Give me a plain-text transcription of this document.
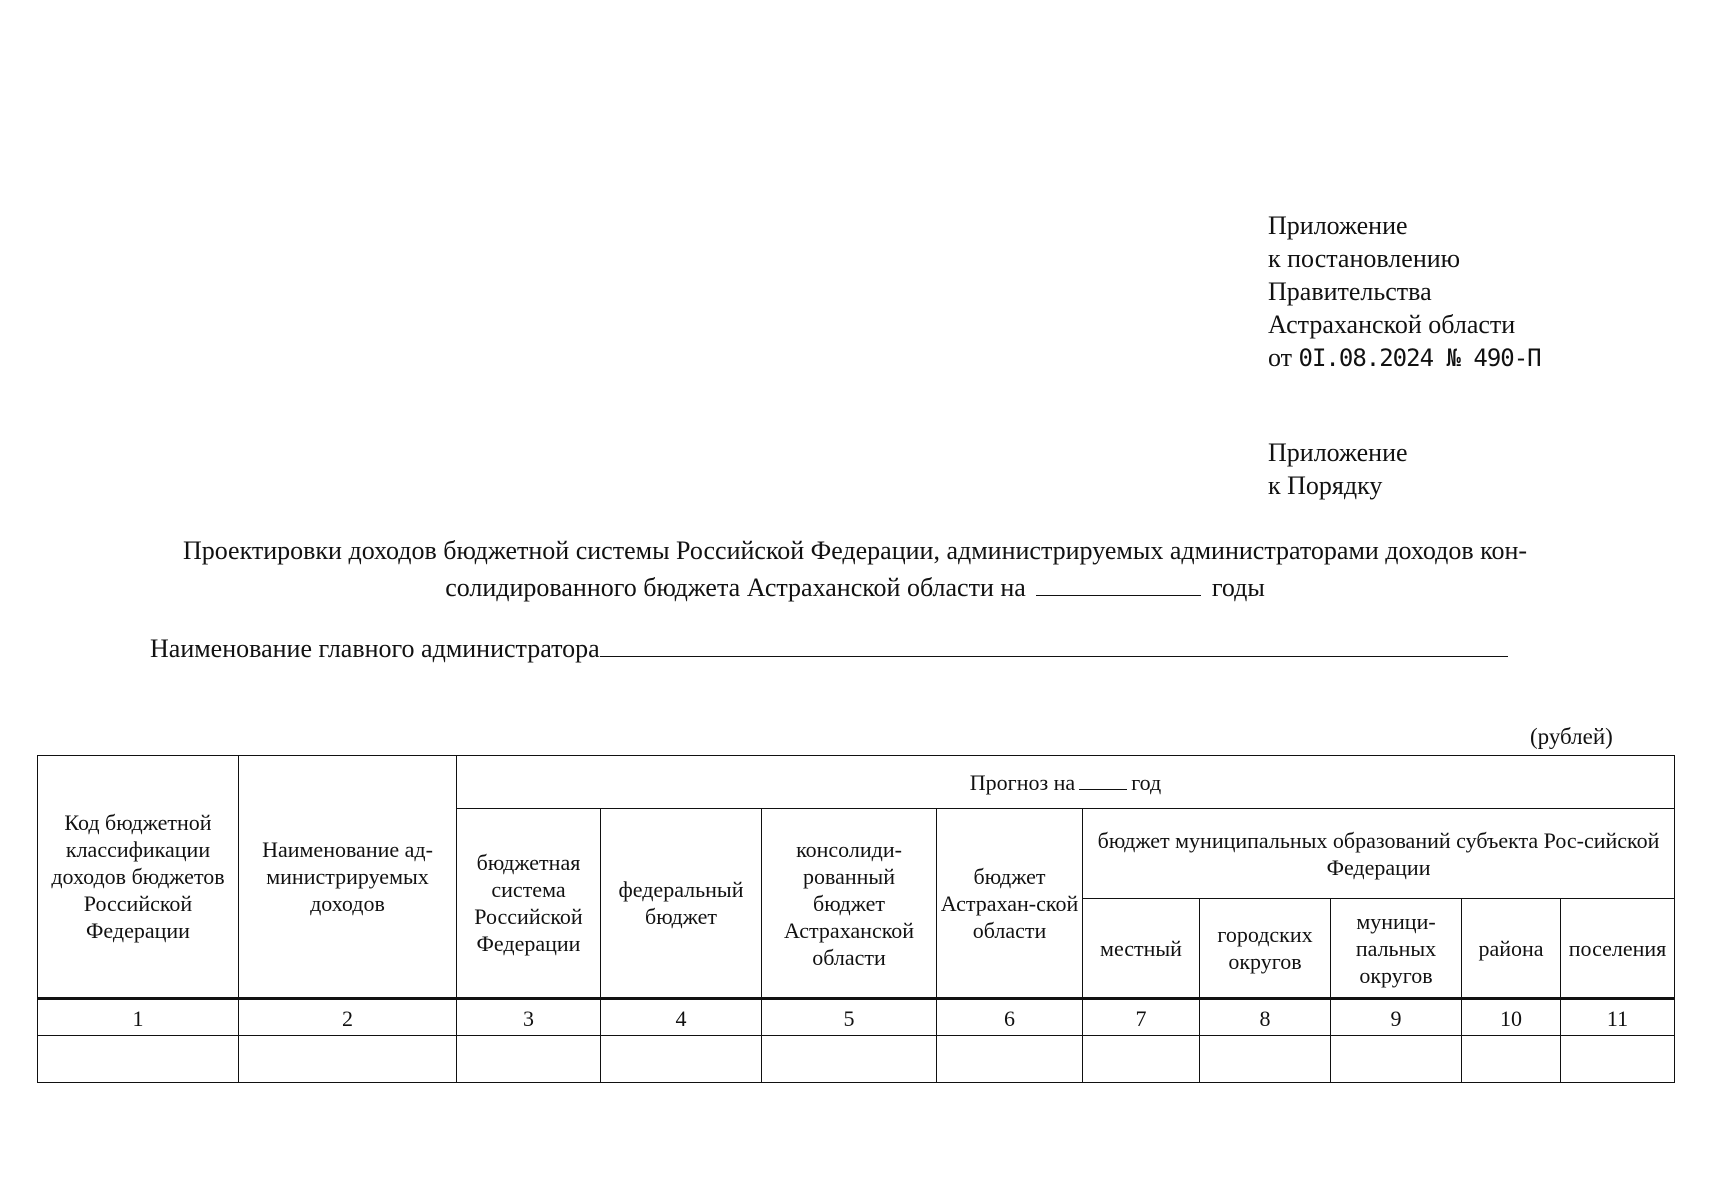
Приложение
к постановлению
Правительства
Астраханской области
от 0I.08.2024 № 490-П
Приложение
к Порядку
Проектировки доходов бюджетной системы Российской Федерации, администрируемых администраторами доходов кон-
солидированного бюджета Астраханской области на	годы
Наименование главного администратора
(рублей)
Код бюджетной классификации доходов бюджетов Российской Федерации	Наименование ад-министрируемых доходов	Прогноз на год								
		бюджетная система Российской Федерации	федеральный бюджет	консолиди-рованный бюджет Астраханской области	бюджет Астрахан-ской области	бюджет муниципальных образований субъекта Рос-сийской Федерации				
						местный	городских округов	муници-пальных округов	района	поселения
1	2	3	4	5	6	7	8	9	10	11
